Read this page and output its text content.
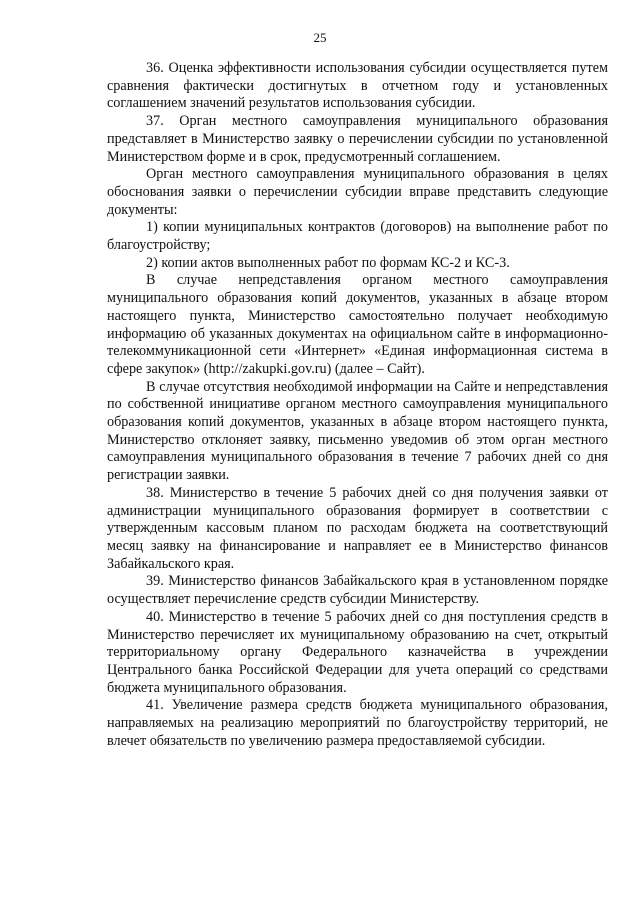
25

36. Оценка эффективности использования субсидии осуществляется путем сравнения фактически достигнутых в отчетном году и установленных соглашением значений результатов использования субсидии.

37. Орган местного самоуправления муниципального образования представляет в Министерство заявку о перечислении субсидии по установленной Министерством форме и в срок, предусмотренный соглашением.

Орган местного самоуправления муниципального образования в целях обоснования заявки о перечислении субсидии вправе представить следующие документы:

1) копии муниципальных контрактов (договоров) на выполнение работ по благоустройству;

2) копии актов выполненных работ по формам КС-2 и КС-3.

В случае непредставления органом местного самоуправления муниципального образования копий документов, указанных в абзаце втором настоящего пункта, Министерство самостоятельно получает необходимую информацию об указанных документах на официальном сайте в информационно-телекоммуникационной сети «Интернет» «Единая информационная система в сфере закупок» (http://zakupki.gov.ru) (далее – Сайт).

В случае отсутствия необходимой информации на Сайте и непредставления по собственной инициативе органом местного самоуправления муниципального образования копий документов, указанных в абзаце втором настоящего пункта, Министерство отклоняет заявку, письменно уведомив об этом орган местного самоуправления муниципального образования в течение 7 рабочих дней со дня регистрации заявки.

38. Министерство в течение 5 рабочих дней со дня получения заявки от администрации муниципального образования формирует в соответствии с утвержденным кассовым планом по расходам бюджета на соответствующий месяц заявку на финансирование и направляет ее в Министерство финансов Забайкальского края.

39. Министерство финансов Забайкальского края в установленном порядке осуществляет перечисление средств субсидии Министерству.

40. Министерство в течение 5 рабочих дней со дня поступления средств в Министерство перечисляет их муниципальному образованию на счет, открытый территориальному органу Федерального казначейства в учреждении Центрального банка Российской Федерации для учета операций со средствами бюджета муниципального образования.

41. Увеличение размера средств бюджета муниципального образования, направляемых на реализацию мероприятий по благоустройству территорий, не влечет обязательств по увеличению размера предоставляемой субсидии.
